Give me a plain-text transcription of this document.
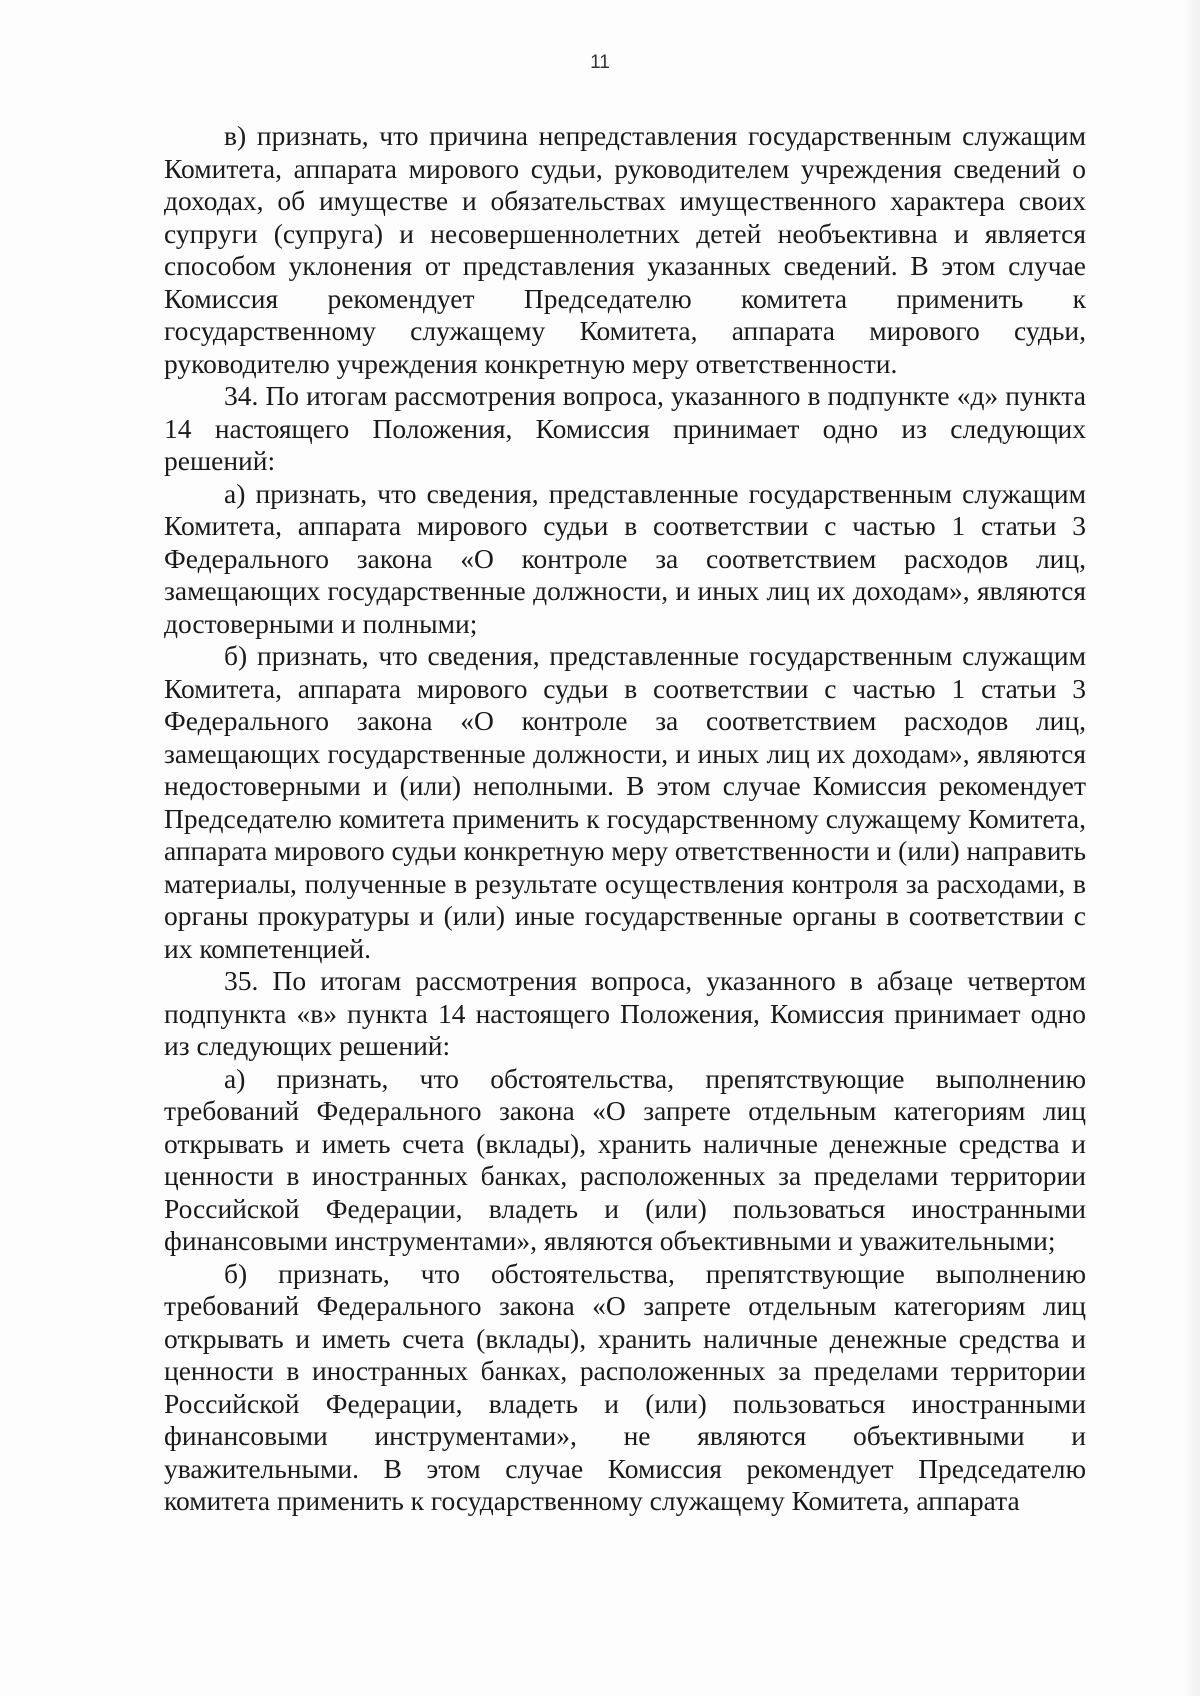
11

в) признать, что причина непредставления государственным служащим Комитета, аппарата мирового судьи, руководителем учреждения сведений о доходах, об имуществе и обязательствах имущественного характера своих супруги (супруга) и несовершеннолетних детей необъективна и является способом уклонения от представления указанных сведений. В этом случае Комиссия рекомендует Председателю комитета применить к государственному служащему Комитета, аппарата мирового судьи, руководителю учреждения конкретную меру ответственности.

34. По итогам рассмотрения вопроса, указанного в подпункте «д» пункта 14 настоящего Положения, Комиссия принимает одно из следующих решений:

а) признать, что сведения, представленные государственным служащим Комитета, аппарата мирового судьи в соответствии с частью 1 статьи 3 Федерального закона «О контроле за соответствием расходов лиц, замещающих государственные должности, и иных лиц их доходам», являются достоверными и полными;

б) признать, что сведения, представленные государственным служащим Комитета, аппарата мирового судьи в соответствии с частью 1 статьи 3 Федерального закона «О контроле за соответствием расходов лиц, замещающих государственные должности, и иных лиц их доходам», являются недостоверными и (или) неполными. В этом случае Комиссия рекомендует Председателю комитета применить к государственному служащему Комитета, аппарата мирового судьи конкретную меру ответственности и (или) направить материалы, полученные в результате осуществления контроля за расходами, в органы прокуратуры и (или) иные государственные органы в соответствии с их компетенцией.

35. По итогам рассмотрения вопроса, указанного в абзаце четвертом подпункта «в» пункта 14 настоящего Положения, Комиссия принимает одно из следующих решений:

а) признать, что обстоятельства, препятствующие выполнению требований Федерального закона «О запрете отдельным категориям лиц открывать и иметь счета (вклады), хранить наличные денежные средства и ценности в иностранных банках, расположенных за пределами территории Российской Федерации, владеть и (или) пользоваться иностранными финансовыми инструментами», являются объективными и уважительными;

б) признать, что обстоятельства, препятствующие выполнению требований Федерального закона «О запрете отдельным категориям лиц открывать и иметь счета (вклады), хранить наличные денежные средства и ценности в иностранных банках, расположенных за пределами территории Российской Федерации, владеть и (или) пользоваться иностранными финансовыми инструментами», не являются объективными и уважительными. В этом случае Комиссия рекомендует Председателю комитета применить к государственному служащему Комитета, аппарата
